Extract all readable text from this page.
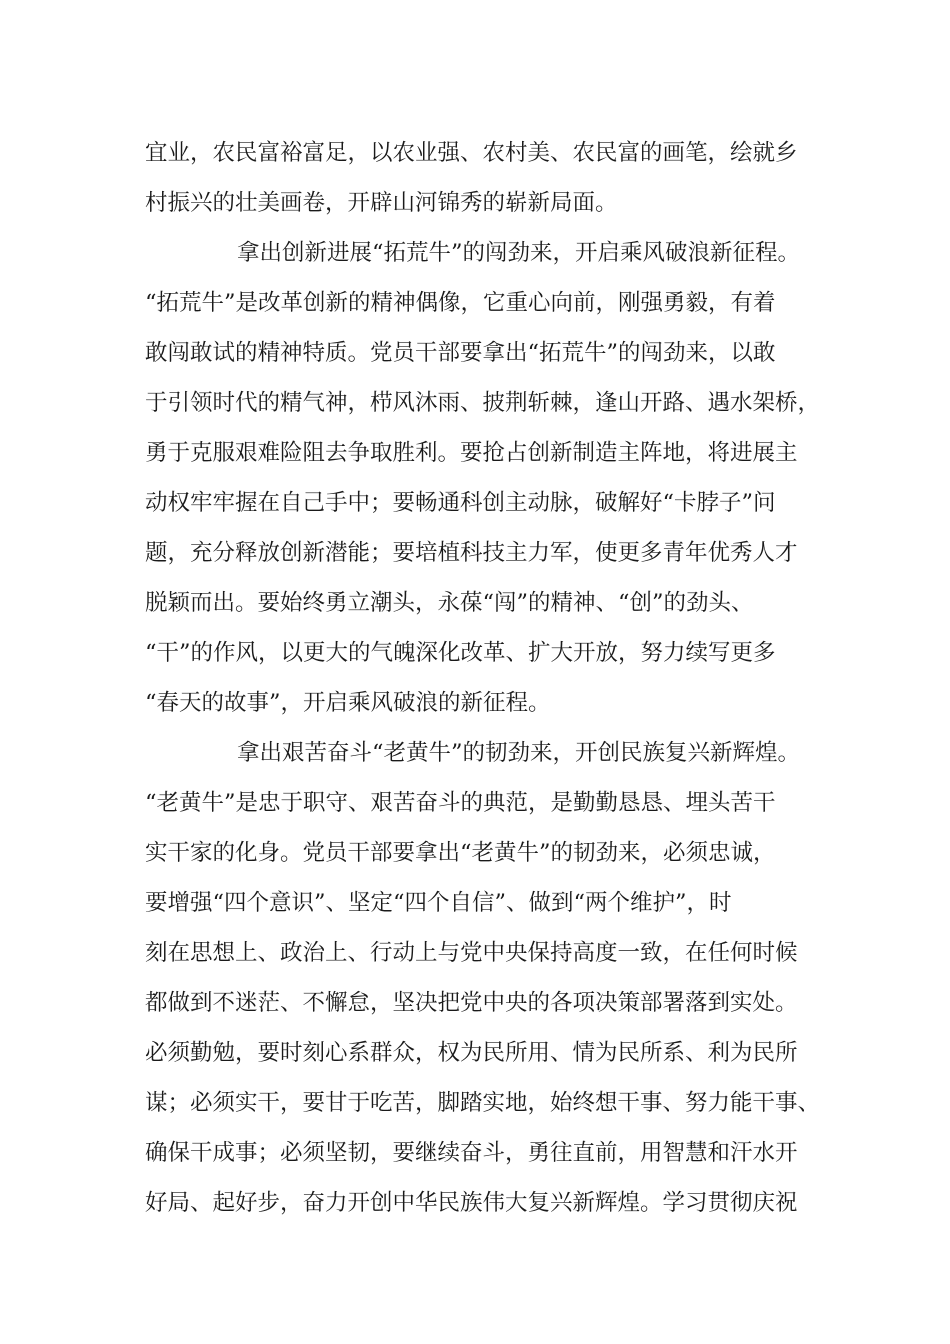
宜业，农民富裕富足，以农业强、农村美、农民富的画笔，绘就乡
村振兴的壮美画卷，开辟山河锦秀的崭新局面。
拿出创新进展“拓荒牛”的闯劲来，开启乘风破浪新征程。
“拓荒牛”是改革创新的精神偶像，它重心向前，刚强勇毅，有着
敢闯敢试的精神特质。党员干部要拿出“拓荒牛”的闯劲来，以敢
于引领时代的精气神，栉风沐雨、披荆斩棘，逢山开路、遇水架桥，
勇于克服艰难险阻去争取胜利。要抢占创新制造主阵地，将进展主
动权牢牢握在自己手中；要畅通科创主动脉，破解好“卡脖子”问
题，充分释放创新潜能；要培植科技主力军，使更多青年优秀人才
脱颖而出。要始终勇立潮头，永葆“闯”的精神、“创”的劲头、
“干”的作风，以更大的气魄深化改革、扩大开放，努力续写更多
“春天的故事”，开启乘风破浪的新征程。
拿出艰苦奋斗“老黄牛”的韧劲来，开创民族复兴新辉煌。
“老黄牛”是忠于职守、艰苦奋斗的典范，是勤勤恳恳、埋头苦干
实干家的化身。党员干部要拿出“老黄牛”的韧劲来，必须忠诚，
要增强“四个意识”、坚定“四个自信”、做到“两个维护”，时
刻在思想上、政治上、行动上与党中央保持高度一致，在任何时候
都做到不迷茫、不懈怠，坚决把党中央的各项决策部署落到实处。
必须勤勉，要时刻心系群众，权为民所用、情为民所系、利为民所
谋；必须实干，要甘于吃苦，脚踏实地，始终想干事、努力能干事、
确保干成事；必须坚韧，要继续奋斗，勇往直前，用智慧和汗水开
好局、起好步，奋力开创中华民族伟大复兴新辉煌。学习贯彻庆祝
